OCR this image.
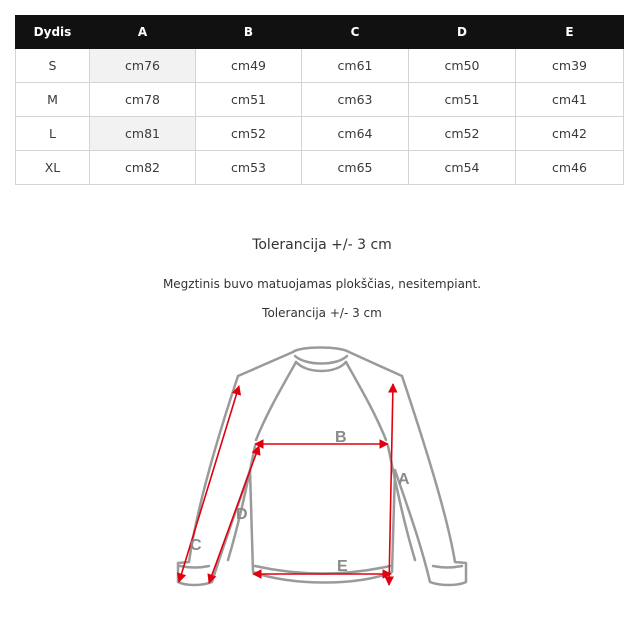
Dydis	A	B	C	D	E
S	cm76	cm49	cm61	cm50	cm39
M	cm78	cm51	cm63	cm51	cm41
L	cm81	cm52	cm64	cm52	cm42
XL	cm82	cm53	cm65	cm54	cm46
Tolerancija +/- 3 cm
Megztinis buvo matuojamas plokščias, nesitempiant.
Tolerancija +/- 3 cm
B
E
A
C
D
